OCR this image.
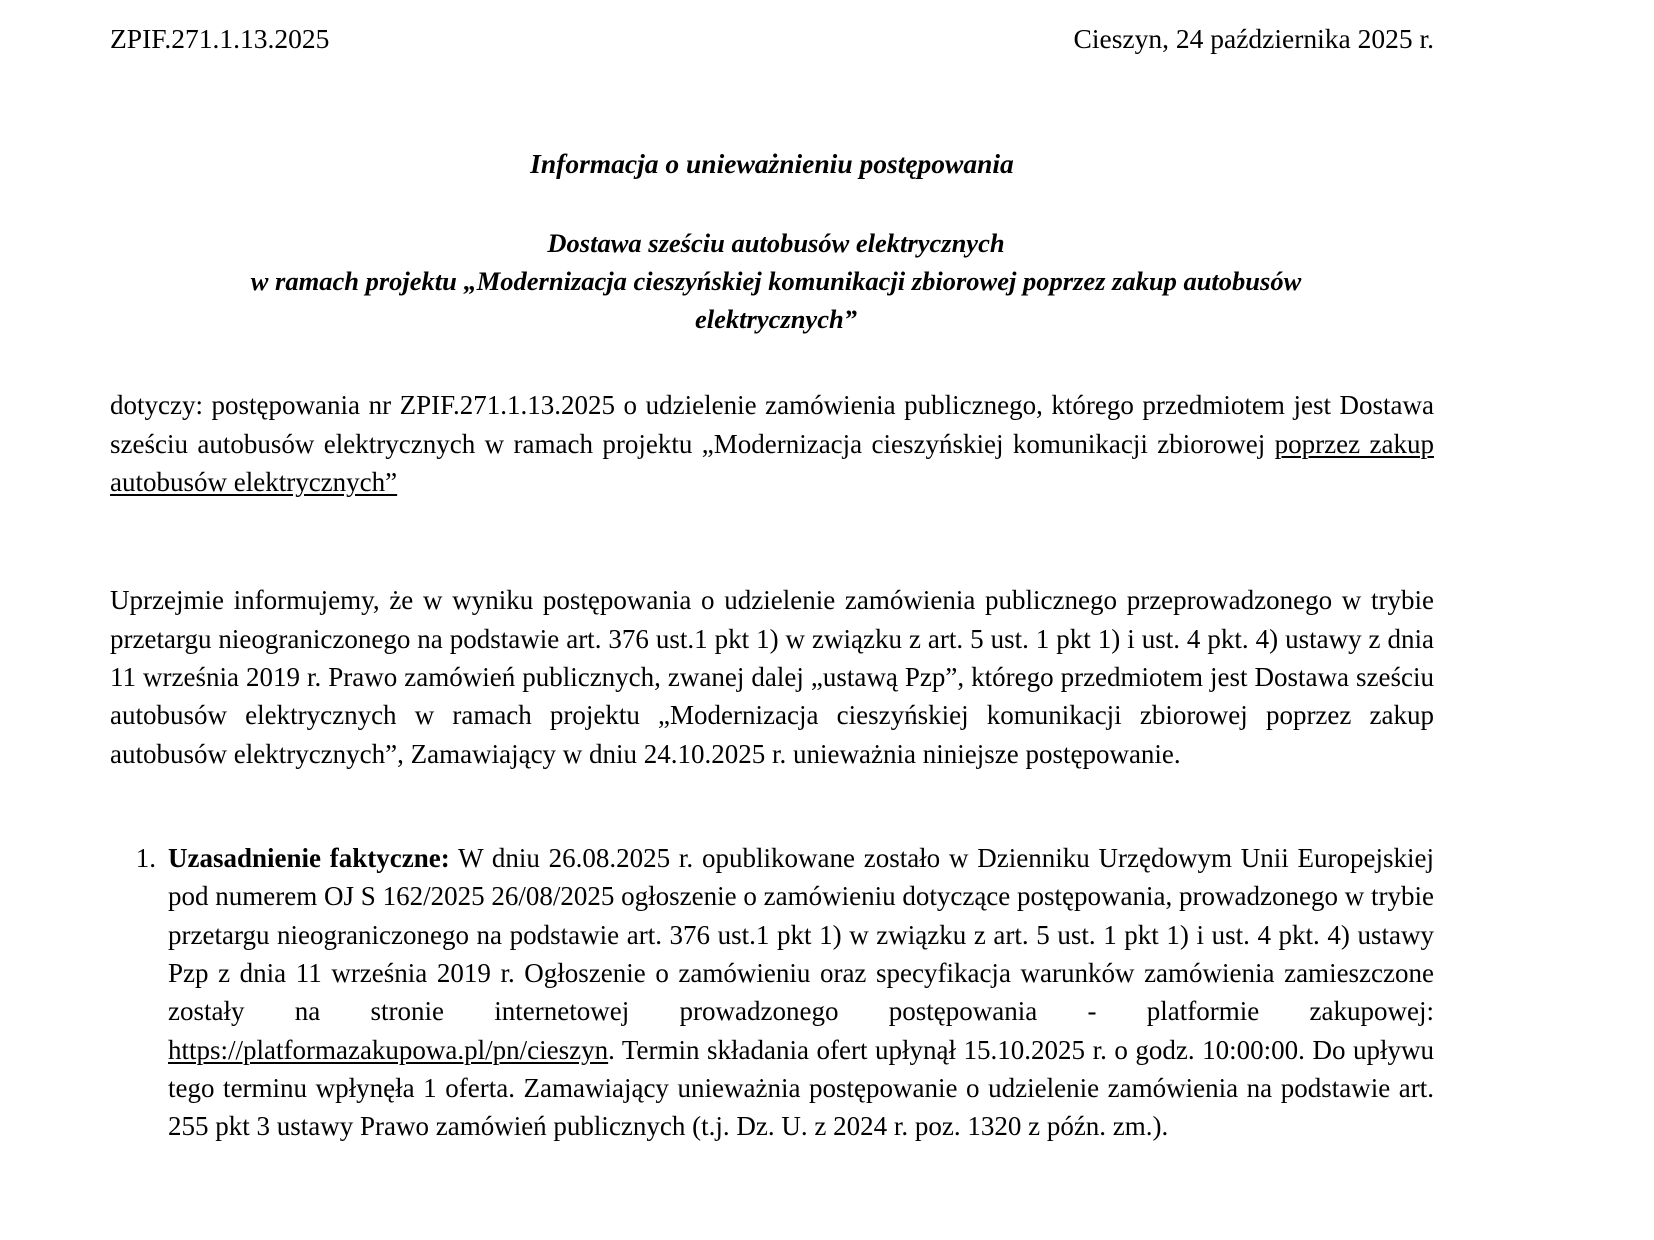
ZPIF.271.1.13.2025	Cieszyn, 24 października 2025 r.
Informacja o unieważnieniu postępowania
Dostawa sześciu autobusów elektrycznych
w ramach projektu „Modernizacja cieszyńskiej komunikacji zbiorowej poprzez zakup autobusów
elektrycznych”

dotyczy: postępowania nr ZPIF.271.1.13.2025 o udzielenie zamówienia publicznego, którego przedmiotem jest Dostawa sześciu autobusów elektrycznych w ramach projektu „Modernizacja cieszyńskiej komunikacji zbiorowej poprzez zakup autobusów elektrycznych”

Uprzejmie informujemy, że w wyniku postępowania o udzielenie zamówienia publicznego przeprowadzonego w trybie przetargu nieograniczonego na podstawie art. 376 ust.1 pkt 1) w związku z art. 5 ust. 1 pkt 1) i ust. 4 pkt. 4) ustawy z dnia 11 września 2019 r. Prawo zamówień publicznych, zwanej dalej „ustawą Pzp”, którego przedmiotem jest Dostawa sześciu autobusów elektrycznych w ramach projektu „Modernizacja cieszyńskiej komunikacji zbiorowej poprzez zakup autobusów elektrycznych”, Zamawiający w dniu 24.10.2025 r. unieważnia niniejsze postępowanie.

1. Uzasadnienie faktyczne: W dniu 26.08.2025 r. opublikowane zostało w Dzienniku Urzędowym Unii Europejskiej pod numerem OJ S 162/2025 26/08/2025 ogłoszenie o zamówieniu dotyczące postępowania, prowadzonego w trybie przetargu nieograniczonego na podstawie art. 376 ust.1 pkt 1) w związku z art. 5 ust. 1 pkt 1) i ust. 4 pkt. 4) ustawy Pzp z dnia 11 września 2019 r. Ogłoszenie o zamówieniu oraz specyfikacja warunków zamówienia zamieszczone zostały na stronie internetowej prowadzonego postępowania - platformie zakupowej: https://platformazakupowa.pl/pn/cieszyn. Termin składania ofert upłynął 15.10.2025 r. o godz. 10:00:00. Do upływu tego terminu wpłynęła 1 oferta. Zamawiający unieważnia postępowanie o udzielenie zamówienia na podstawie art. 255 pkt 3 ustawy Prawo zamówień publicznych (t.j. Dz. U. z 2024 r. poz. 1320 z późn. zm.).
